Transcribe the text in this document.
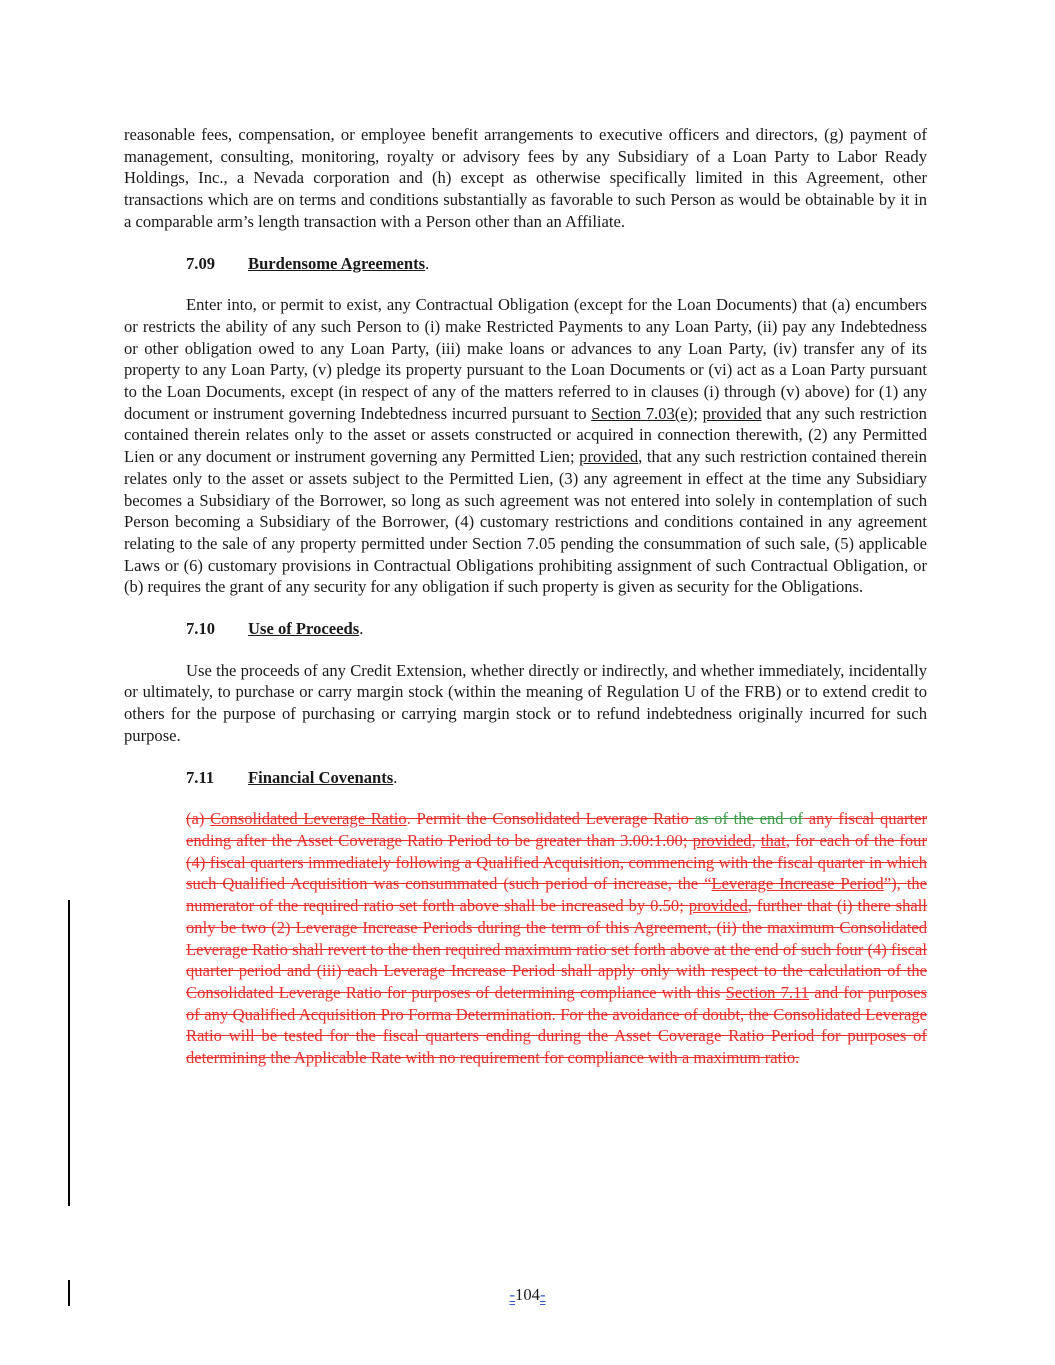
reasonable fees, compensation, or employee benefit arrangements to executive officers and directors, (g) payment of management, consulting, monitoring, royalty or advisory fees by any Subsidiary of a Loan Party to Labor Ready Holdings, Inc., a Nevada corporation and (h) except as otherwise specifically limited in this Agreement, other transactions which are on terms and conditions substantially as favorable to such Person as would be obtainable by it in a comparable arm’s length transaction with a Person other than an Affiliate.

7.09 Burdensome Agreements.

Enter into, or permit to exist, any Contractual Obligation (except for the Loan Documents) that (a) encumbers or restricts the ability of any such Person to (i) make Restricted Payments to any Loan Party, (ii) pay any Indebtedness or other obligation owed to any Loan Party, (iii) make loans or advances to any Loan Party, (iv) transfer any of its property to any Loan Party, (v) pledge its property pursuant to the Loan Documents or (vi) act as a Loan Party pursuant to the Loan Documents, except (in respect of any of the matters referred to in clauses (i) through (v) above) for (1) any document or instrument governing Indebtedness incurred pursuant to Section 7.03(e); provided that any such restriction contained therein relates only to the asset or assets constructed or acquired in connection therewith, (2) any Permitted Lien or any document or instrument governing any Permitted Lien; provided, that any such restriction contained therein relates only to the asset or assets subject to the Permitted Lien, (3) any agreement in effect at the time any Subsidiary becomes a Subsidiary of the Borrower, so long as such agreement was not entered into solely in contemplation of such Person becoming a Subsidiary of the Borrower, (4) customary restrictions and conditions contained in any agreement relating to the sale of any property permitted under Section 7.05 pending the consummation of such sale, (5) applicable Laws or (6) customary provisions in Contractual Obligations prohibiting assignment of such Contractual Obligation, or (b) requires the grant of any security for any obligation if such property is given as security for the Obligations.

7.10 Use of Proceeds.

Use the proceeds of any Credit Extension, whether directly or indirectly, and whether immediately, incidentally or ultimately, to purchase or carry margin stock (within the meaning of Regulation U of the FRB) or to extend credit to others for the purpose of purchasing or carrying margin stock or to refund indebtedness originally incurred for such purpose.

7.11 Financial Covenants.

(a) Consolidated Leverage Ratio. Permit the Consolidated Leverage Ratio as of the end of any fiscal quarter ending after the Asset Coverage Ratio Period to be greater than 3.00:1.00; provided, that, for each of the four (4) fiscal quarters immediately following a Qualified Acquisition, commencing with the fiscal quarter in which such Qualified Acquisition was consummated (such period of increase, the “Leverage Increase Period”), the numerator of the required ratio set forth above shall be increased by 0.50; provided, further that (i) there shall only be two (2) Leverage Increase Periods during the term of this Agreement, (ii) the maximum Consolidated Leverage Ratio shall revert to the then required maximum ratio set forth above at the end of such four (4) fiscal quarter period and (iii) each Leverage Increase Period shall apply only with respect to the calculation of the Consolidated Leverage Ratio for purposes of determining compliance with this Section 7.11 and for purposes of any Qualified Acquisition Pro Forma Determination. For the avoidance of doubt, the Consolidated Leverage Ratio will be tested for the fiscal quarters ending during the Asset Coverage Ratio Period for purposes of determining the Applicable Rate with no requirement for compliance with a maximum ratio.

-104-
